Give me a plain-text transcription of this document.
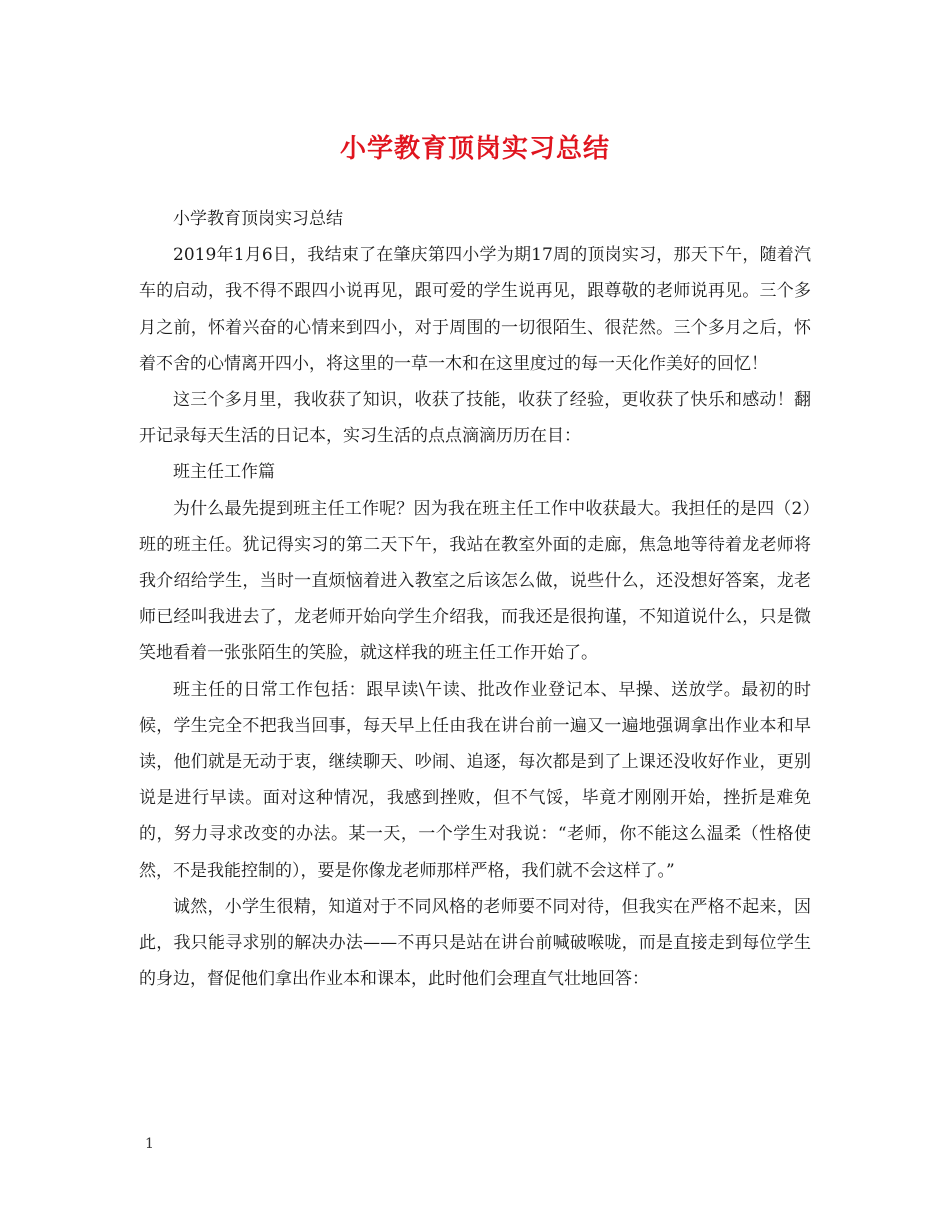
小学教育顶岗实习总结

小学教育顶岗实习总结

2019年1月6日，我结束了在肇庆第四小学为期17周的顶岗实习，那天下午，随着汽车的启动，我不得不跟四小说再见，跟可爱的学生说再见，跟尊敬的老师说再见。三个多月之前，怀着兴奋的心情来到四小，对于周围的一切很陌生、很茫然。三个多月之后，怀着不舍的心情离开四小，将这里的一草一木和在这里度过的每一天化作美好的回忆！

这三个多月里，我收获了知识，收获了技能，收获了经验，更收获了快乐和感动！翻开记录每天生活的日记本，实习生活的点点滴滴历历在目：

班主任工作篇

为什么最先提到班主任工作呢？因为我在班主任工作中收获最大。我担任的是四（2）班的班主任。犹记得实习的第二天下午，我站在教室外面的走廊，焦急地等待着龙老师将我介绍给学生，当时一直烦恼着进入教室之后该怎么做，说些什么，还没想好答案，龙老师已经叫我进去了，龙老师开始向学生介绍我，而我还是很拘谨，不知道说什么，只是微笑地看着一张张陌生的笑脸，就这样我的班主任工作开始了。

班主任的日常工作包括：跟早读\午读、批改作业登记本、早操、送放学。最初的时候，学生完全不把我当回事，每天早上任由我在讲台前一遍又一遍地强调拿出作业本和早读，他们就是无动于衷，继续聊天、吵闹、追逐，每次都是到了上课还没收好作业，更别说是进行早读。面对这种情况，我感到挫败，但不气馁，毕竟才刚刚开始，挫折是难免的，努力寻求改变的办法。某一天，一个学生对我说：“老师，你不能这么温柔（性格使然，不是我能控制的），要是你像龙老师那样严格，我们就不会这样了。”

诚然，小学生很精，知道对于不同风格的老师要不同对待，但我实在严格不起来，因此，我只能寻求别的解决办法——不再只是站在讲台前喊破喉咙，而是直接走到每位学生的身边，督促他们拿出作业本和课本，此时他们会理直气壮地回答：

1
